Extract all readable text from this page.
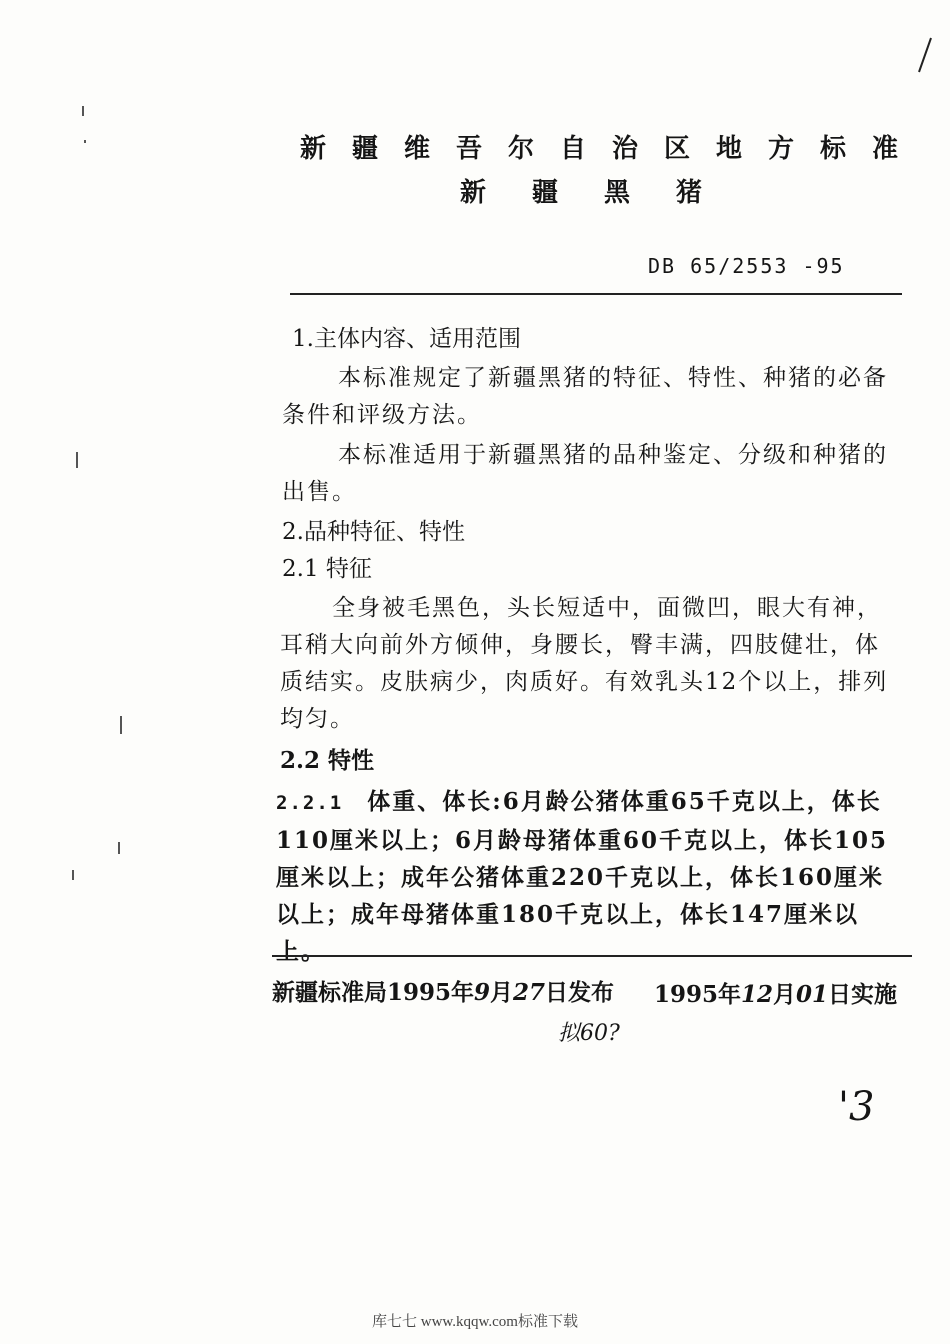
新疆维吾尔自治区地方标准
新疆黑猪
DB 65/2553 -95
1.主体内容、适用范围
本标准规定了新疆黑猪的特征、特性、种猪的必备条件和评级方法。
本标准适用于新疆黑猪的品种鉴定、分级和种猪的出售。
2.品种特征、特性
2.1 特征
全身被毛黑色，头长短适中，面微凹，眼大有神，耳稍大向前外方倾伸，身腰长，臀丰满，四肢健壮，体质结实。皮肤病少，肉质好。有效乳头12个以上，排列均匀。
2.2 特性
2.2.1 体重、体长:6月龄公猪体重65千克以上，体长110厘米以上；6月龄母猪体重60千克以上，体长105厘米以上；成年公猪体重220千克以上，体长160厘米以上；成年母猪体重180千克以上，体长147厘米以上。
新疆标准局1995年9月27日发布 1995年12月01日实施
拟60?
'3
库七七 www.kqqw.com标准下载
